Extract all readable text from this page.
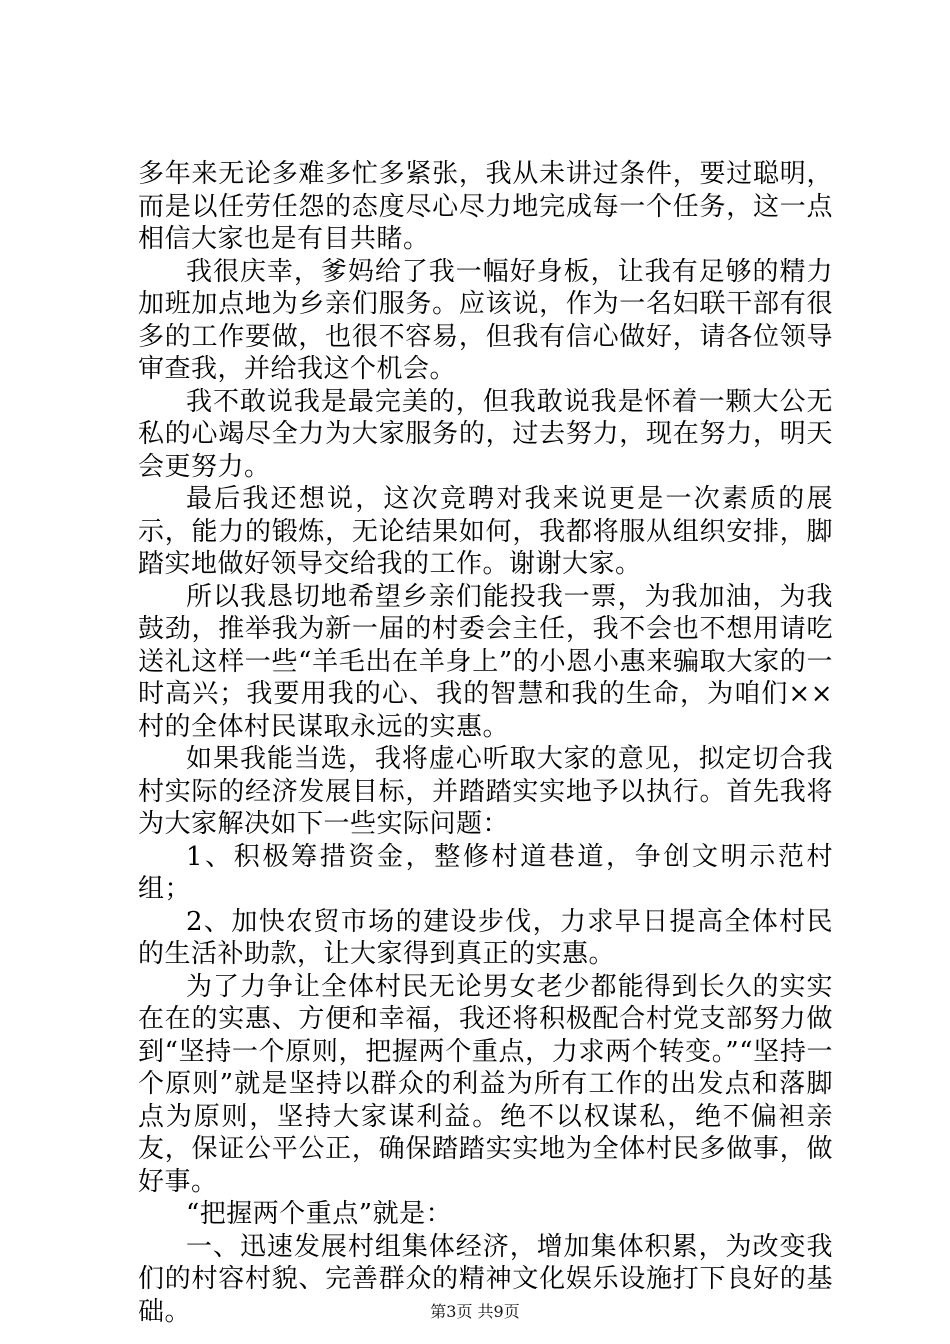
多年来无论多难多忙多紧张，我从未讲过条件，要过聪明，而是以任劳任怨的态度尽心尽力地完成每一个任务，这一点相信大家也是有目共睹。

我很庆幸，爹妈给了我一幅好身板，让我有足够的精力加班加点地为乡亲们服务。应该说，作为一名妇联干部有很多的工作要做，也很不容易，但我有信心做好，请各位领导审查我，并给我这个机会。

我不敢说我是最完美的，但我敢说我是怀着一颗大公无私的心竭尽全力为大家服务的，过去努力，现在努力，明天会更努力。

最后我还想说，这次竞聘对我来说更是一次素质的展示，能力的锻炼，无论结果如何，我都将服从组织安排，脚踏实地做好领导交给我的工作。谢谢大家。

所以我恳切地希望乡亲们能投我一票，为我加油，为我鼓劲，推举我为新一届的村委会主任，我不会也不想用请吃送礼这样一些“羊毛出在羊身上”的小恩小惠来骗取大家的一时高兴；我要用我的心、我的智慧和我的生命，为咱们××村的全体村民谋取永远的实惠。

如果我能当选，我将虚心听取大家的意见，拟定切合我村实际的经济发展目标，并踏踏实实地予以执行。首先我将为大家解决如下一些实际问题：

1、积极筹措资金，整修村道巷道，争创文明示范村组；

2、加快农贸市场的建设步伐，力求早日提高全体村民的生活补助款，让大家得到真正的实惠。

为了力争让全体村民无论男女老少都能得到长久的实实在在的实惠、方便和幸福，我还将积极配合村党支部努力做到“坚持一个原则，把握两个重点，力求两个转变。”“坚持一个原则”就是坚持以群众的利益为所有工作的出发点和落脚点为原则，坚持大家谋利益。绝不以权谋私，绝不偏袒亲友，保证公平公正，确保踏踏实实地为全体村民多做事，做好事。

“把握两个重点”就是：

一、迅速发展村组集体经济，增加集体积累，为改变我们的村容村貌、完善群众的精神文化娱乐设施打下良好的基础。	第3页 共9页
